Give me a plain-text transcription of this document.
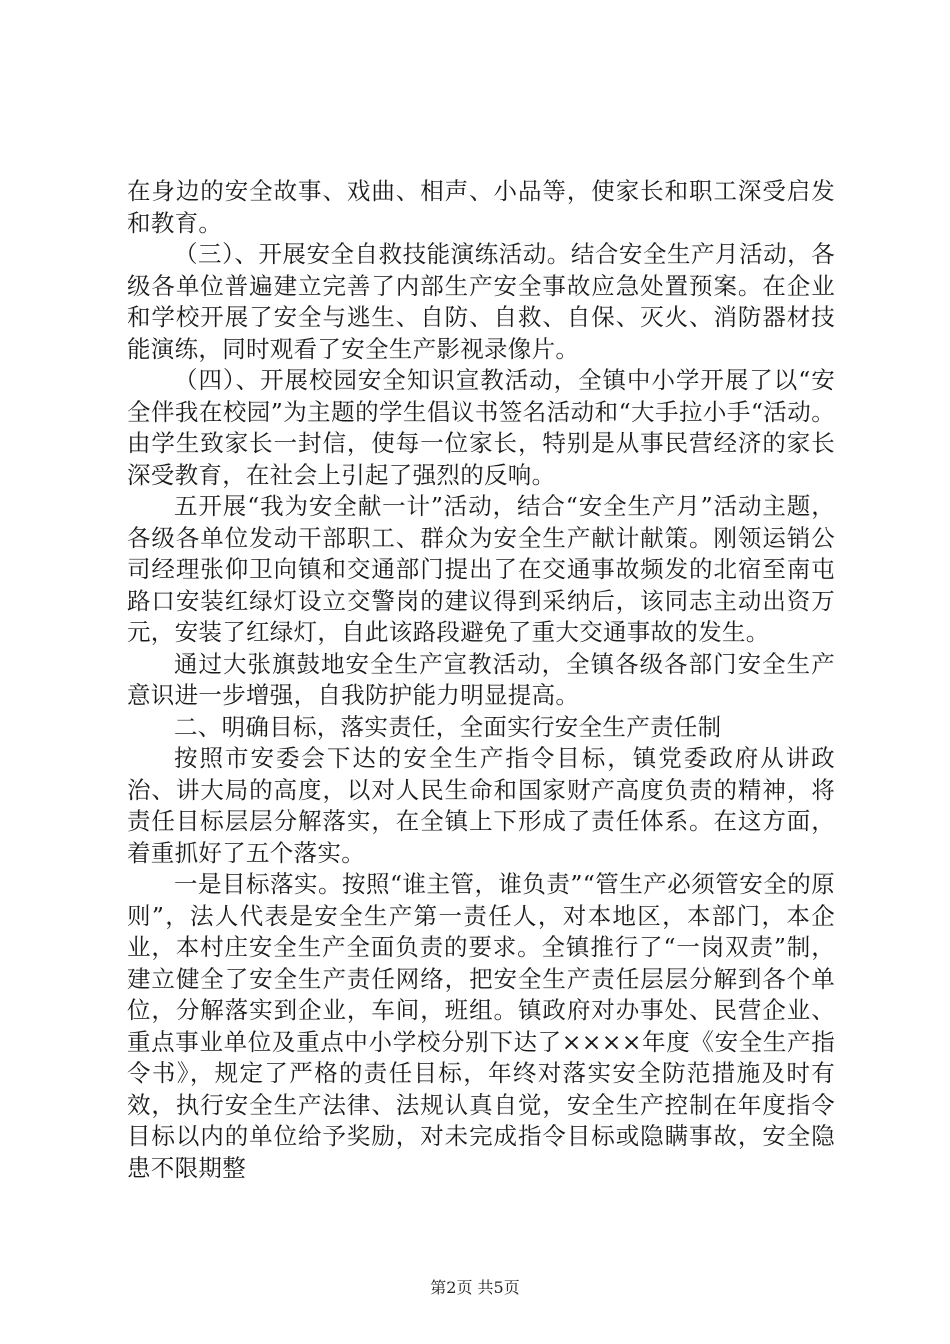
在身边的安全故事、戏曲、相声、小品等，使家长和职工深受启发和教育。

（三）、开展安全自救技能演练活动。结合安全生产月活动，各级各单位普遍建立完善了内部生产安全事故应急处置预案。在企业和学校开展了安全与逃生、自防、自救、自保、灭火、消防器材技能演练，同时观看了安全生产影视录像片。

（四）、开展校园安全知识宣教活动，全镇中小学开展了以“安全伴我在校园”为主题的学生倡议书签名活动和“大手拉小手“活动。由学生致家长一封信，使每一位家长，特别是从事民营经济的家长深受教育，在社会上引起了强烈的反响。

五开展“我为安全献一计”活动，结合“安全生产月”活动主题，各级各单位发动干部职工、群众为安全生产献计献策。刚领运销公司经理张仰卫向镇和交通部门提出了在交通事故频发的北宿至南屯路口安装红绿灯设立交警岗的建议得到采纳后，该同志主动出资万元，安装了红绿灯，自此该路段避免了重大交通事故的发生。

通过大张旗鼓地安全生产宣教活动，全镇各级各部门安全生产意识进一步增强，自我防护能力明显提高。

二、明确目标，落实责任，全面实行安全生产责任制

按照市安委会下达的安全生产指令目标，镇党委政府从讲政治、讲大局的高度，以对人民生命和国家财产高度负责的精神，将责任目标层层分解落实，在全镇上下形成了责任体系。在这方面，着重抓好了五个落实。

一是目标落实。按照“谁主管，谁负责”“管生产必须管安全的原则”，法人代表是安全生产第一责任人，对本地区，本部门，本企业，本村庄安全生产全面负责的要求。全镇推行了“一岗双责”制，建立健全了安全生产责任网络，把安全生产责任层层分解到各个单位，分解落实到企业，车间，班组。镇政府对办事处、民营企业、重点事业单位及重点中小学校分别下达了××××年度《安全生产指令书》，规定了严格的责任目标，年终对落实安全防范措施及时有效，执行安全生产法律、法规认真自觉，安全生产控制在年度指令目标以内的单位给予奖励，对未完成指令目标或隐瞒事故，安全隐患不限期整

第2页 共5页
